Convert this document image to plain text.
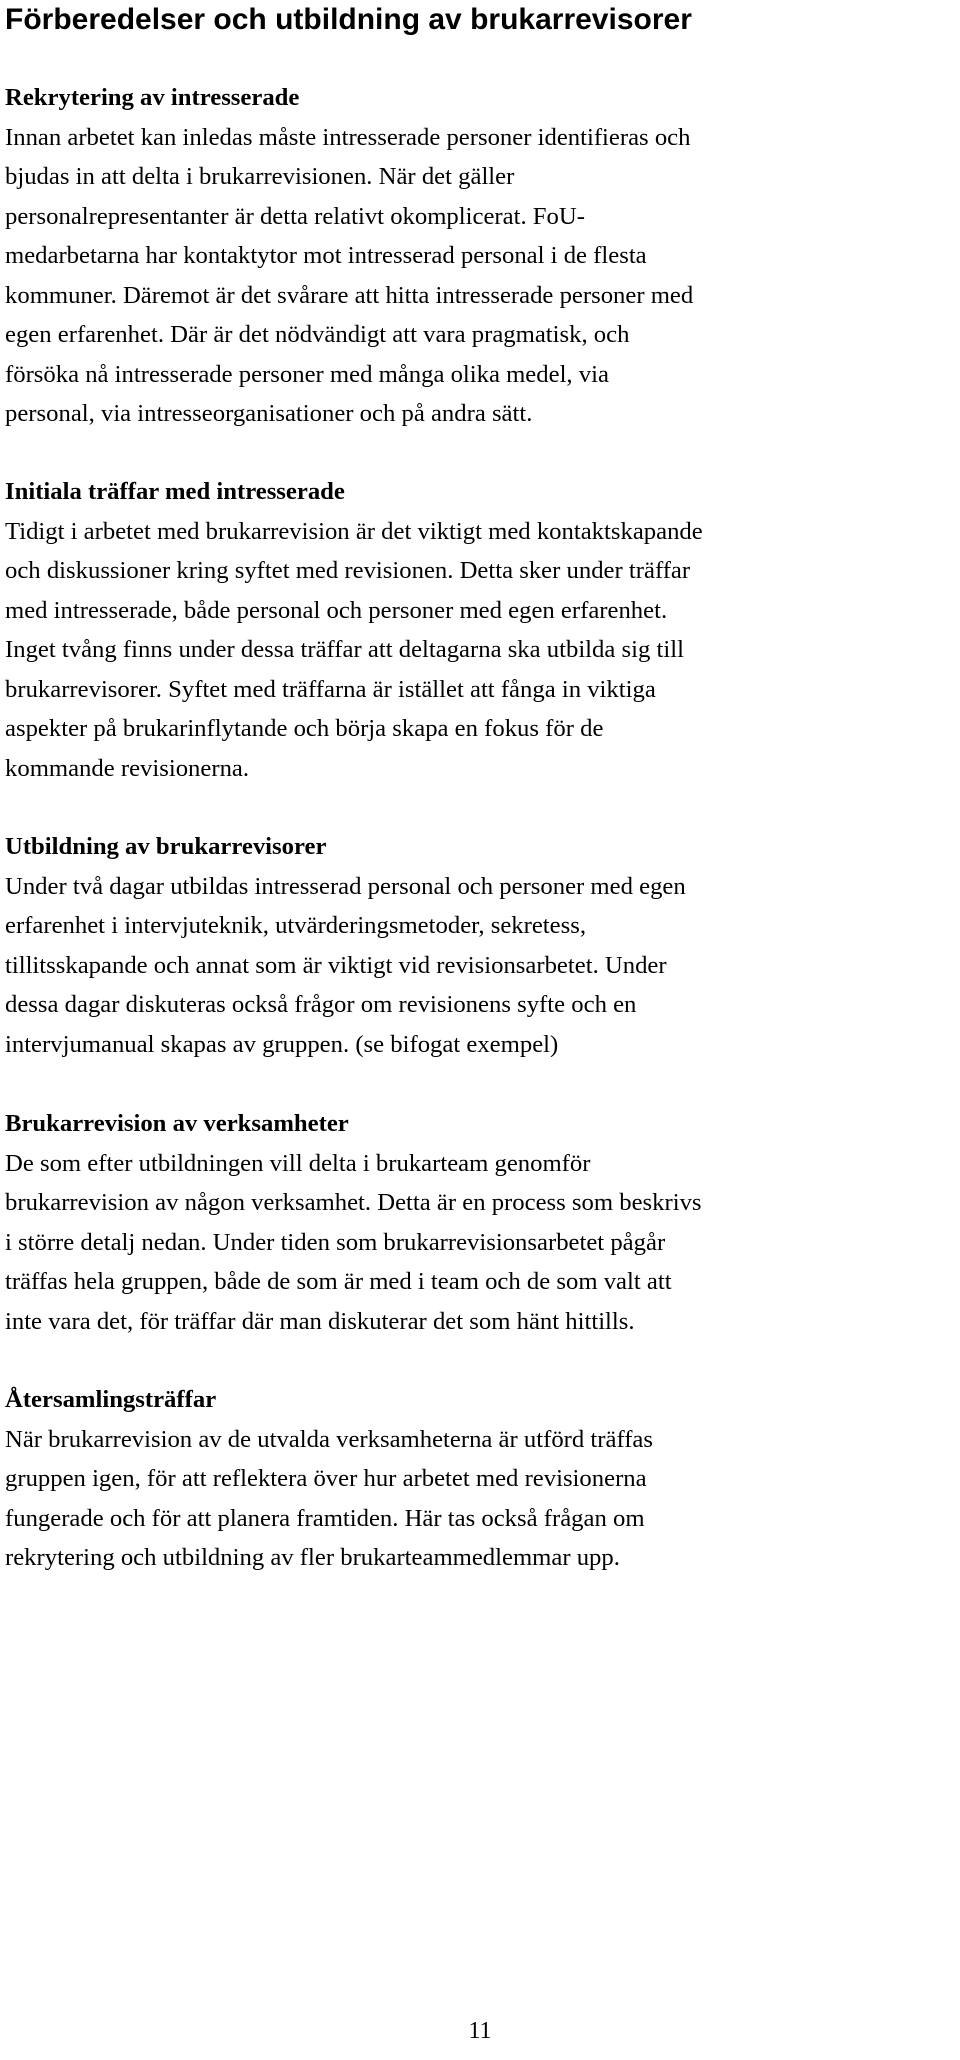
Förberedelser och utbildning av brukarrevisorer
Rekrytering av intresserade

Innan arbetet kan inledas måste intresserade personer identifieras och
bjudas in att delta i brukarrevisionen. När det gäller
personalrepresentanter är detta relativt okomplicerat. FoU-
medarbetarna har kontaktytor mot intresserad personal i de flesta
kommuner. Däremot är det svårare att hitta intresserade personer med
egen erfarenhet. Där är det nödvändigt att vara pragmatisk, och
försöka nå intresserade personer med många olika medel, via
personal, via intresseorganisationer och på andra sätt.

Initiala träffar med intresserade

Tidigt i arbetet med brukarrevision är det viktigt med kontaktskapande
och diskussioner kring syftet med revisionen. Detta sker under träffar
med intresserade, både personal och personer med egen erfarenhet.
Inget tvång finns under dessa träffar att deltagarna ska utbilda sig till
brukarrevisorer. Syftet med träffarna är istället att fånga in viktiga
aspekter på brukarinflytande och börja skapa en fokus för de
kommande revisionerna.

Utbildning av brukarrevisorer

Under två dagar utbildas intresserad personal och personer med egen
erfarenhet i intervjuteknik, utvärderingsmetoder, sekretess,
tillitsskapande och annat som är viktigt vid revisionsarbetet. Under
dessa dagar diskuteras också frågor om revisionens syfte och en
intervjumanual skapas av gruppen. (se bifogat exempel)

Brukarrevision av verksamheter

De som efter utbildningen vill delta i brukarteam genomför
brukarrevision av någon verksamhet. Detta är en process som beskrivs
i större detalj nedan. Under tiden som brukarrevisionsarbetet pågår
träffas hela gruppen, både de som är med i team och de som valt att
inte vara det, för träffar där man diskuterar det som hänt hittills.

Återsamlingsträffar

När brukarrevision av de utvalda verksamheterna är utförd träffas
gruppen igen, för att reflektera över hur arbetet med revisionerna
fungerade och för att planera framtiden. Här tas också frågan om
rekrytering och utbildning av fler brukarteammedlemmar upp.

11
